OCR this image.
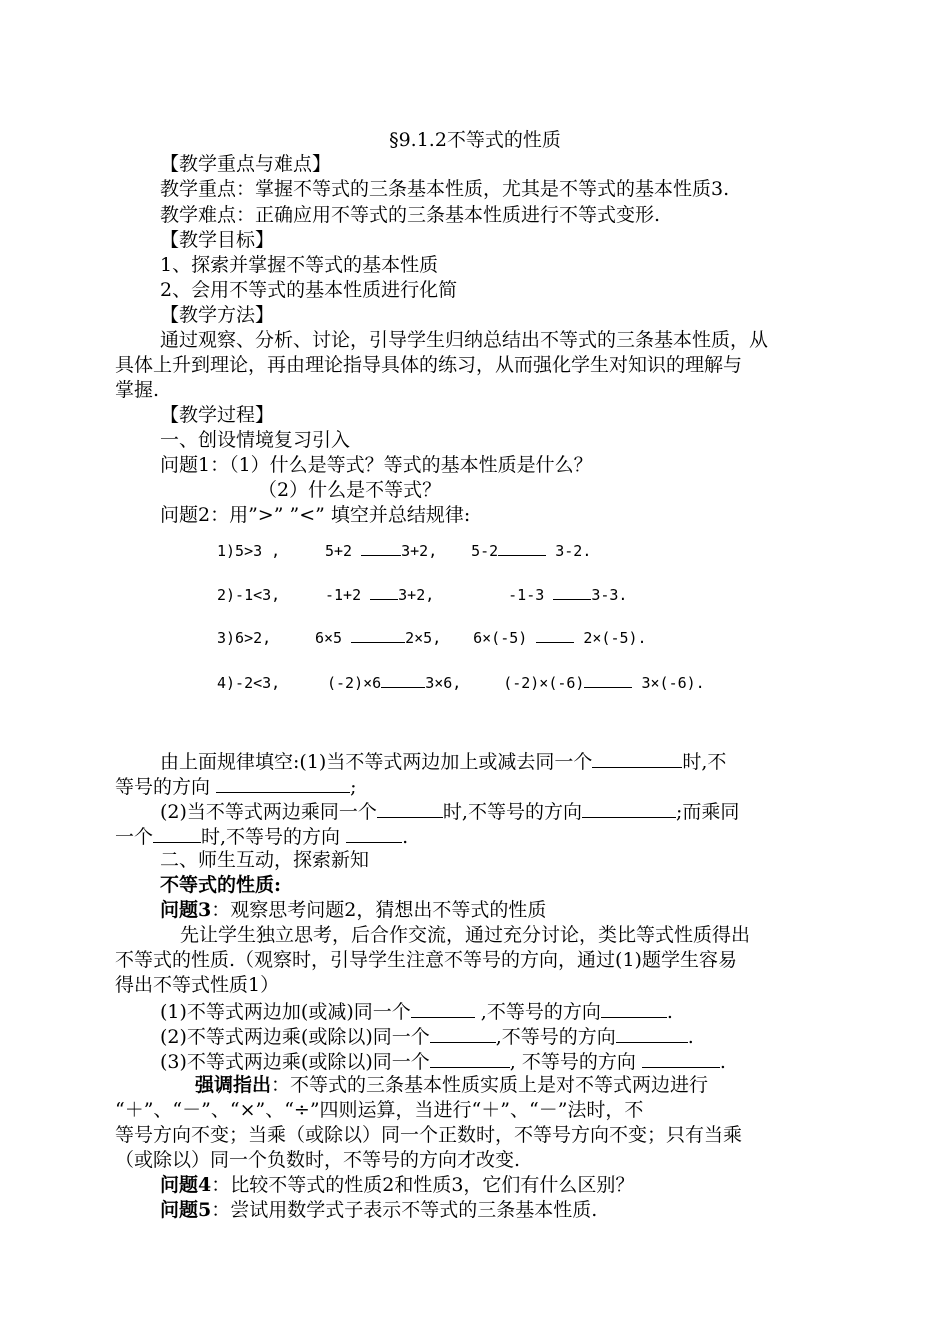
§9.1.2不等式的性质
【教学重点与难点】
教学重点：掌握不等式的三条基本性质，尤其是不等式的基本性质3.
教学难点：正确应用不等式的三条基本性质进行不等式变形.
【教学目标】
1、探索并掌握不等式的基本性质
2、会用不等式的基本性质进行化简
【教学方法】
通过观察、分析、讨论，引导学生归纳总结出不等式的三条基本性质，从
具体上升到理论，再由理论指导具体的练习，从而强化学生对知识的理解与
掌握.
【教学过程】
一、创设情境复习引入
问题1：（1）什么是等式？等式的基本性质是什么？
（2）什么是不等式？
问题2：用”>” ”<” 填空并总结规律:
1)5>3 ,	5+2	3+2, 5-2	3-2.
2)-1<3,	-1+2 3+2,	-1-3	3-3.
3)6>2,	6×5	2×5, 6×(-5)	2×(-5).
4)-2<3,	(-2)×6	3×6,	(-2)×(-6)	3×(-6).
由上面规律填空:(1)当不等式两边加上或减去同一个	时,不
等号的方向	;
(2)当不等式两边乘同一个	时,不等号的方向	;而乘同
一个	时,不等号的方向	.
二、师生互动，探索新知
不等式的性质:
问题3：观察思考问题2，猜想出不等式的性质
先让学生独立思考，后合作交流，通过充分讨论，类比等式性质得出
不等式的性质.（观察时，引导学生注意不等号的方向，通过(1)题学生容易
得出不等式性质1）
(1)不等式两边加(或减)同一个	,不等号的方向	.
(2)不等式两边乘(或除以)同一个	,不等号的方向	.
(3)不等式两边乘(或除以)同一个	, 不等号的方向	.
强调指出：不等式的三条基本性质实质上是对不等式两边进行
“＋”、“－”、“×”、“÷”四则运算，当进行“＋”、“－”法时，不
等号方向不变；当乘（或除以）同一个正数时，不等号方向不变；只有当乘
（或除以）同一个负数时，不等号的方向才改变.
问题4：比较不等式的性质2和性质3，它们有什么区别？
问题5：尝试用数学式子表示不等式的三条基本性质.
